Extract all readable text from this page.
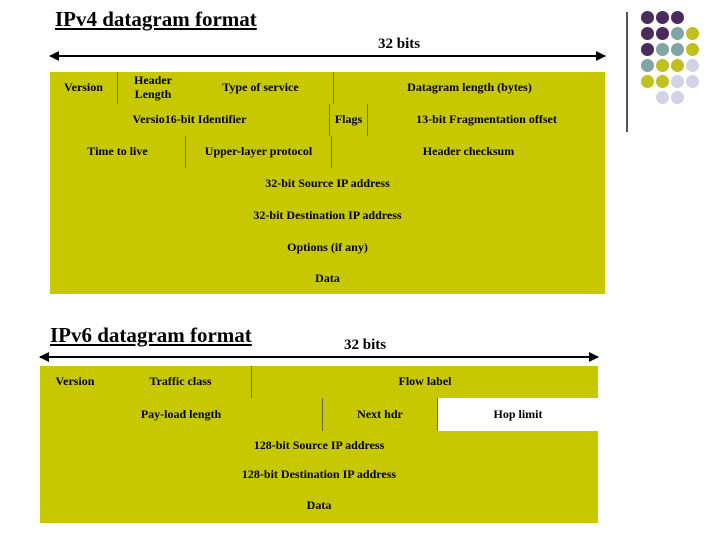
IPv4 datagram format
32 bits
Version	Header Length	Type of service	Datagram length (bytes)
Versio16-bit Identifier	Flags	13-bit Fragmentation offset
Time to live	Upper-layer protocol	Header checksum
32-bit Source IP address
32-bit Destination IP address
Options (if any)
Data
IPv6 datagram format	32 bits
Version	Traffic class	Flow label
Pay-load length	Next hdr	Hop limit
128-bit Source IP address
128-bit Destination IP address
Data
